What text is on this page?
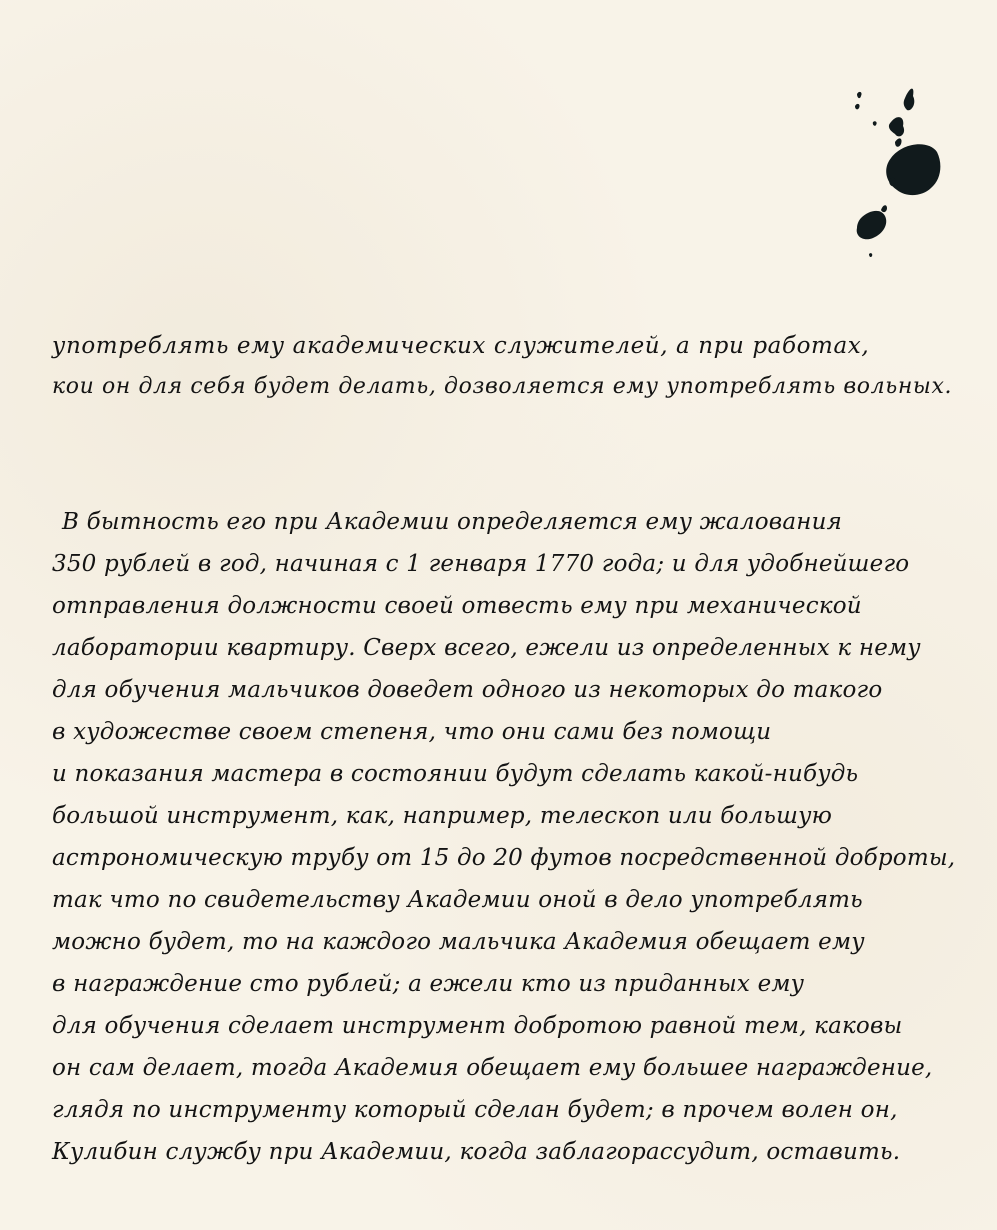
употреблять ему академических служителей, а при работах,
кои он для себя будет делать, дозволяется ему употреблять вольных.
В бытность его при Академии определяется ему жалования
350 рублей в год, начиная с 1 генваря 1770 года; и для удобнейшего
отправления должности своей отвесть ему при механической
лаборатории квартиру. Сверх всего, ежели из определенных к нему
для обучения мальчиков доведет одного из некоторых до такого
в художестве своем степеня, что они сами без помощи
и показания мастера в состоянии будут сделать какой-нибудь
большой инструмент, как, например, телескоп или большую
астрономическую трубу от 15 до 20 футов посредственной доброты,
так что по свидетельству Академии оной в дело употреблять
можно будет, то на каждого мальчика Академия обещает ему
в награждение сто рублей; а ежели кто из приданных ему
для обучения сделает инструмент добротою равной тем, каковы
он сам делает, тогда Академия обещает ему большее награждение,
глядя по инструменту который сделан будет; в прочем волен он,
Кулибин службу при Академии, когда заблагорассудит, оставить.
